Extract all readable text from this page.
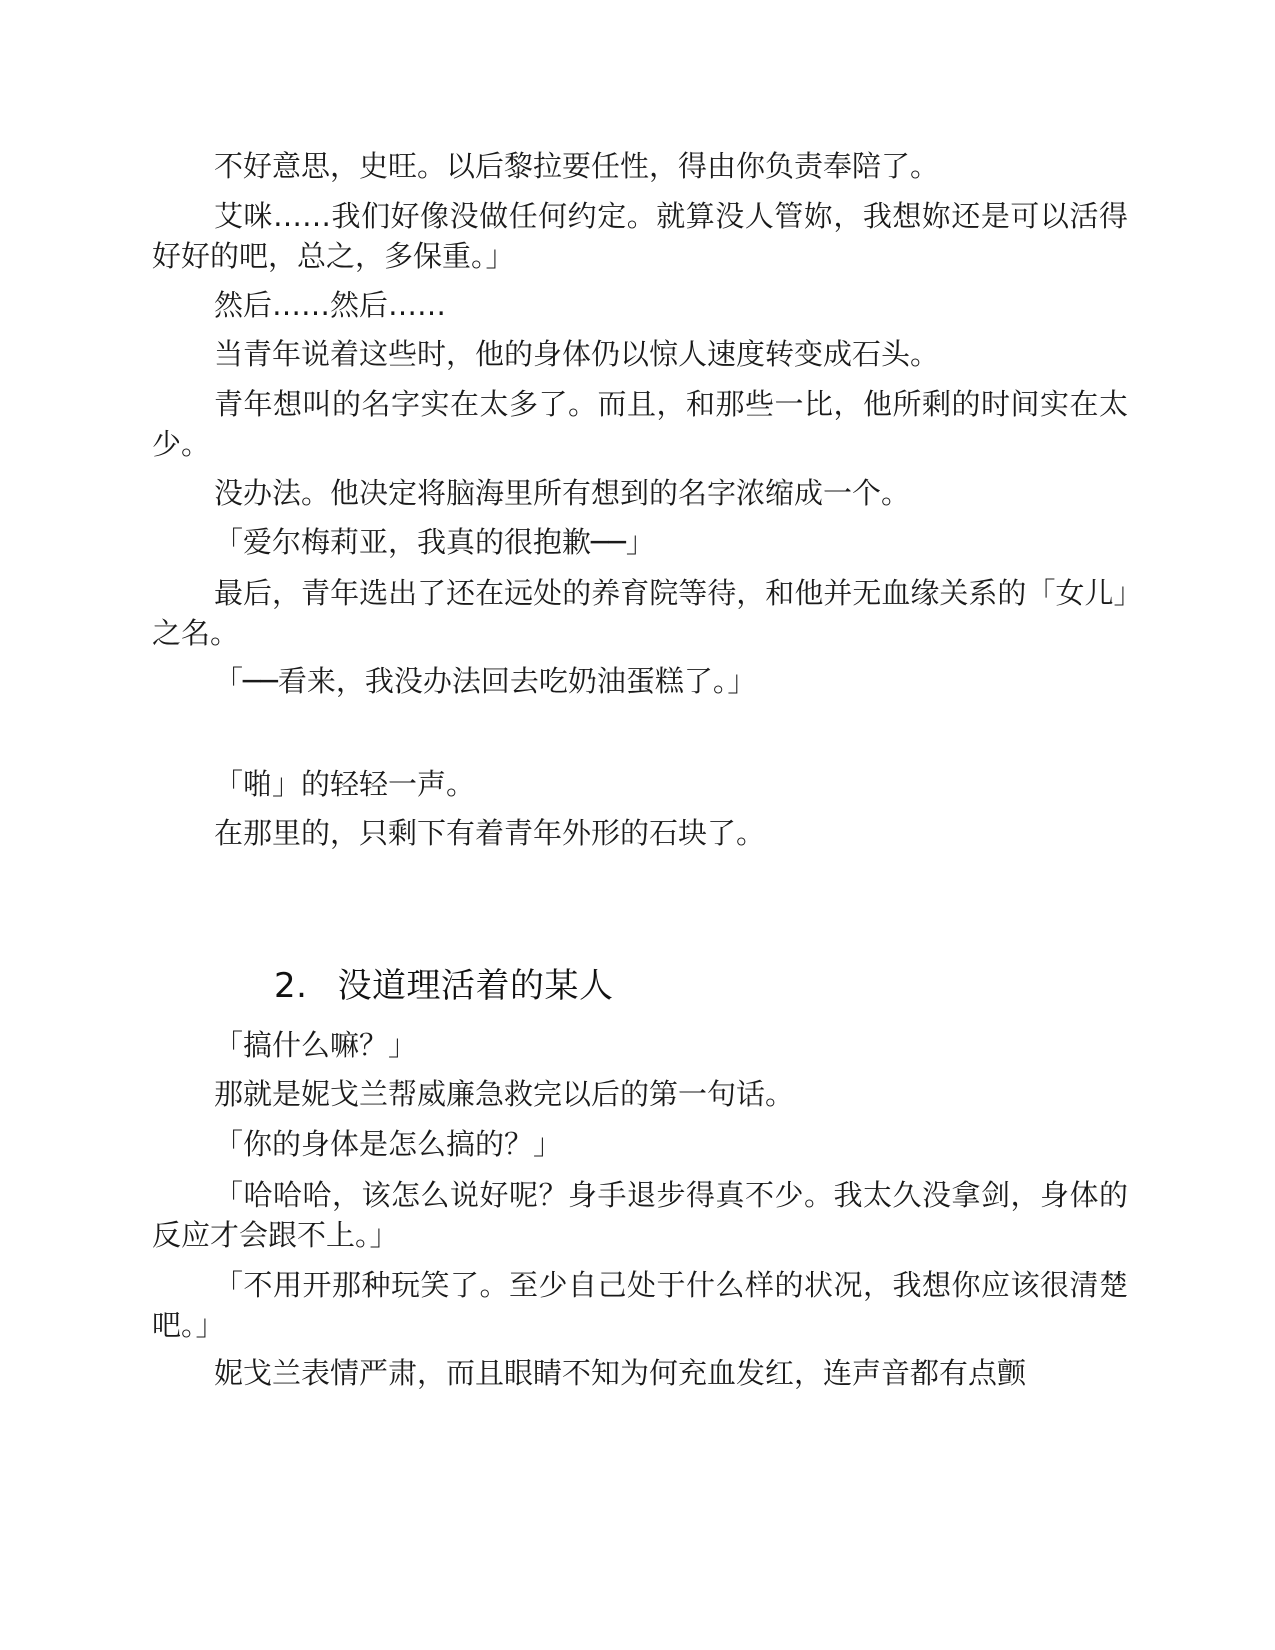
不好意思，史旺。以后黎拉要任性，得由你负责奉陪了。

艾咪……我们好像没做任何约定。就算没人管妳，我想妳还是可以活得好好的吧，总之，多保重。」

然后……然后……

当青年说着这些时，他的身体仍以惊人速度转变成石头。

青年想叫的名字实在太多了。而且，和那些一比，他所剩的时间实在太少。

没办法。他决定将脑海里所有想到的名字浓缩成一个。

「爱尔梅莉亚，我真的很抱歉──」

最后，青年选出了还在远处的养育院等待，和他并无血缘关系的「女儿」之名。

「──看来，我没办法回去吃奶油蛋糕了。」

「啪」的轻轻一声。

在那里的，只剩下有着青年外形的石块了。

2. 没道理活着的某人

「搞什么嘛？」

那就是妮戈兰帮威廉急救完以后的第一句话。

「你的身体是怎么搞的？」

「哈哈哈，该怎么说好呢？身手退步得真不少。我太久没拿剑，身体的反应才会跟不上。」

「不用开那种玩笑了。至少自己处于什么样的状况，我想你应该很清楚吧。」

妮戈兰表情严肃，而且眼睛不知为何充血发红，连声音都有点颤
